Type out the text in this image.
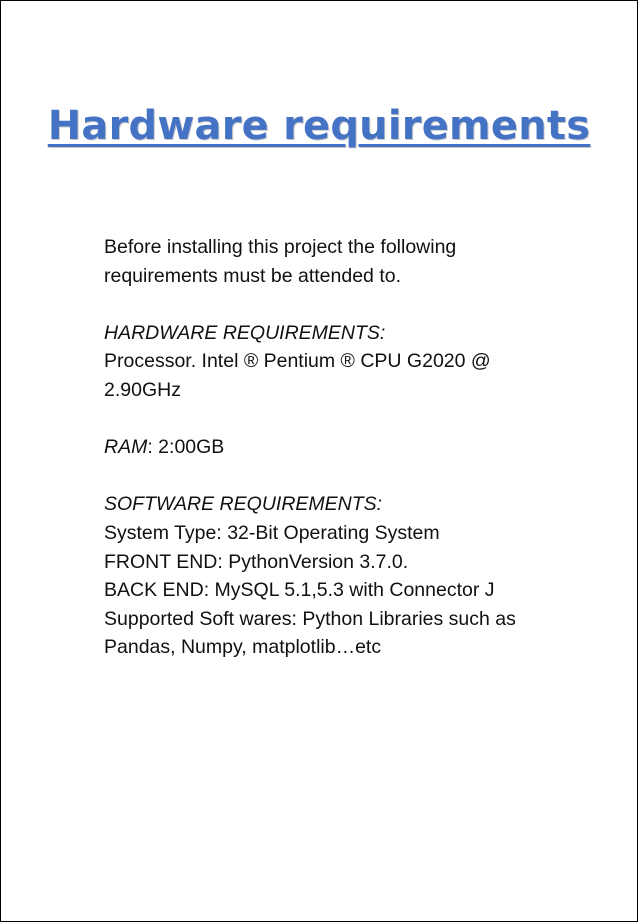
Hardware requirements
Before installing this project the following
requirements must be attended to.
HARDWARE REQUIREMENTS:
Processor. Intel ® Pentium ® CPU G2020 @
2.90GHz
RAM: 2:00GB
SOFTWARE REQUIREMENTS:
System Type: 32-Bit Operating System
FRONT END: PythonVersion 3.7.0.
BACK END: MySQL 5.1,5.3 with Connector J
Supported Soft wares: Python Libraries such as
Pandas, Numpy, matplotlib…etc
